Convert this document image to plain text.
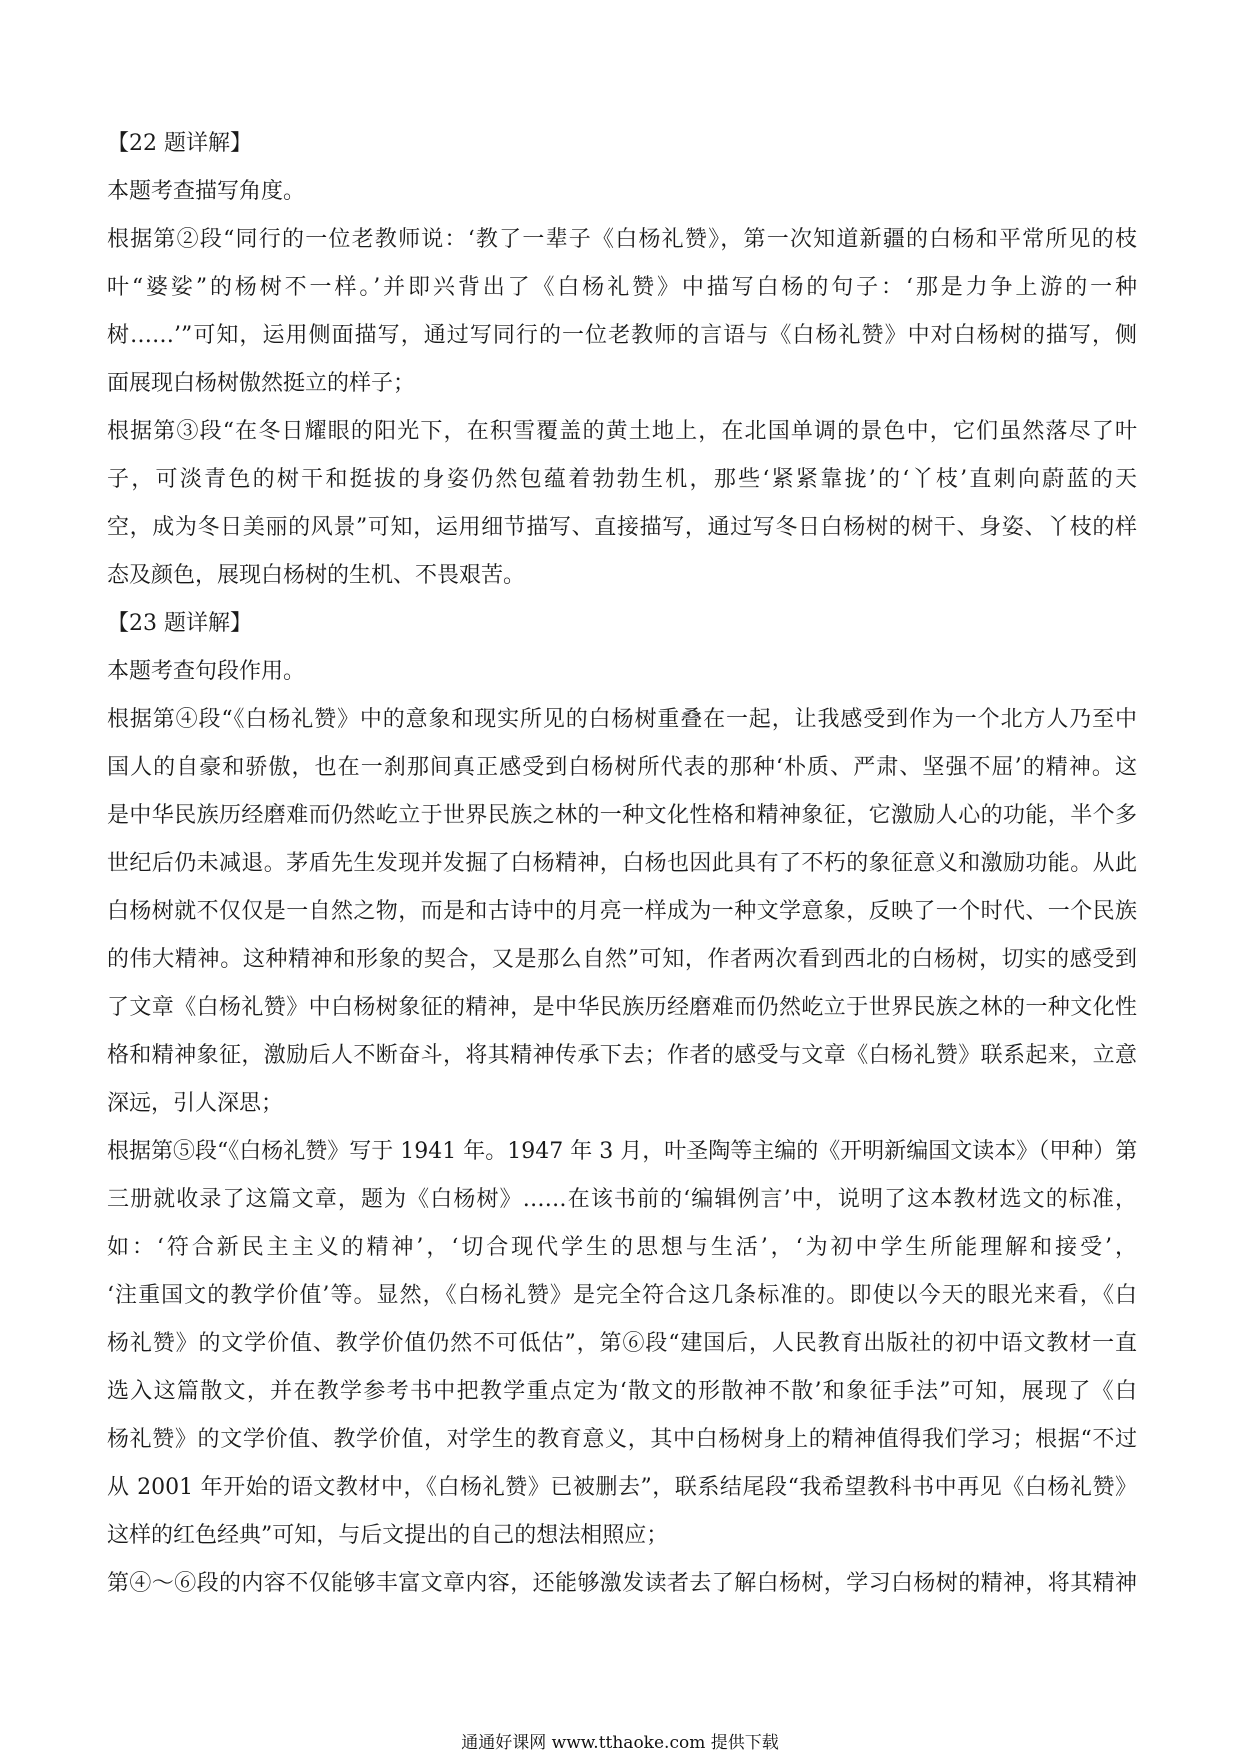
【22 题详解】
本题考查描写角度。
根据第②段“同行的一位老教师说：‘教了一辈子《白杨礼赞》，第一次知道新疆的白杨和平常所见的枝
叶“婆娑”的杨树不一样。’并即兴背出了《白杨礼赞》中描写白杨的句子：‘那是力争上游的一种
树……’”可知，运用侧面描写，通过写同行的一位老教师的言语与《白杨礼赞》中对白杨树的描写，侧
面展现白杨树傲然挺立的样子；
根据第③段“在冬日耀眼的阳光下，在积雪覆盖的黄土地上，在北国单调的景色中，它们虽然落尽了叶
子，可淡青色的树干和挺拔的身姿仍然包蕴着勃勃生机，那些‘紧紧靠拢’的‘丫枝’直刺向蔚蓝的天
空，成为冬日美丽的风景”可知，运用细节描写、直接描写，通过写冬日白杨树的树干、身姿、丫枝的样
态及颜色，展现白杨树的生机、不畏艰苦。
【23 题详解】
本题考查句段作用。
根据第④段“《白杨礼赞》中的意象和现实所见的白杨树重叠在一起，让我感受到作为一个北方人乃至中
国人的自豪和骄傲，也在一刹那间真正感受到白杨树所代表的那种‘朴质、严肃、坚强不屈’的精神。这
是中华民族历经磨难而仍然屹立于世界民族之林的一种文化性格和精神象征，它激励人心的功能，半个多
世纪后仍未减退。茅盾先生发现并发掘了白杨精神，白杨也因此具有了不朽的象征意义和激励功能。从此
白杨树就不仅仅是一自然之物，而是和古诗中的月亮一样成为一种文学意象，反映了一个时代、一个民族
的伟大精神。这种精神和形象的契合，又是那么自然”可知，作者两次看到西北的白杨树，切实的感受到
了文章《白杨礼赞》中白杨树象征的精神，是中华民族历经磨难而仍然屹立于世界民族之林的一种文化性
格和精神象征，激励后人不断奋斗，将其精神传承下去；作者的感受与文章《白杨礼赞》联系起来，立意
深远，引人深思；
根据第⑤段“《白杨礼赞》写于 1941 年。1947 年 3 月，叶圣陶等主编的《开明新编国文读本》（甲种）第
三册就收录了这篇文章，题为《白杨树》……在该书前的‘编辑例言’中，说明了这本教材选文的标准，
如：‘符合新民主主义的精神’，‘切合现代学生的思想与生活’，‘为初中学生所能理解和接受’，
‘注重国文的教学价值’等。显然，《白杨礼赞》是完全符合这几条标准的。即使以今天的眼光来看，《白
杨礼赞》的文学价值、教学价值仍然不可低估”，第⑥段“建国后，人民教育出版社的初中语文教材一直
选入这篇散文，并在教学参考书中把教学重点定为‘散文的形散神不散’和象征手法”可知，展现了《白
杨礼赞》的文学价值、教学价值，对学生的教育意义，其中白杨树身上的精神值得我们学习；根据“不过
从 2001 年开始的语文教材中，《白杨礼赞》已被删去”，联系结尾段“我希望教科书中再见《白杨礼赞》
这样的红色经典”可知，与后文提出的自己的想法相照应；
第④～⑥段的内容不仅能够丰富文章内容，还能够激发读者去了解白杨树，学习白杨树的精神，将其精神
通通好课网 www.tthaoke.com 提供下载
